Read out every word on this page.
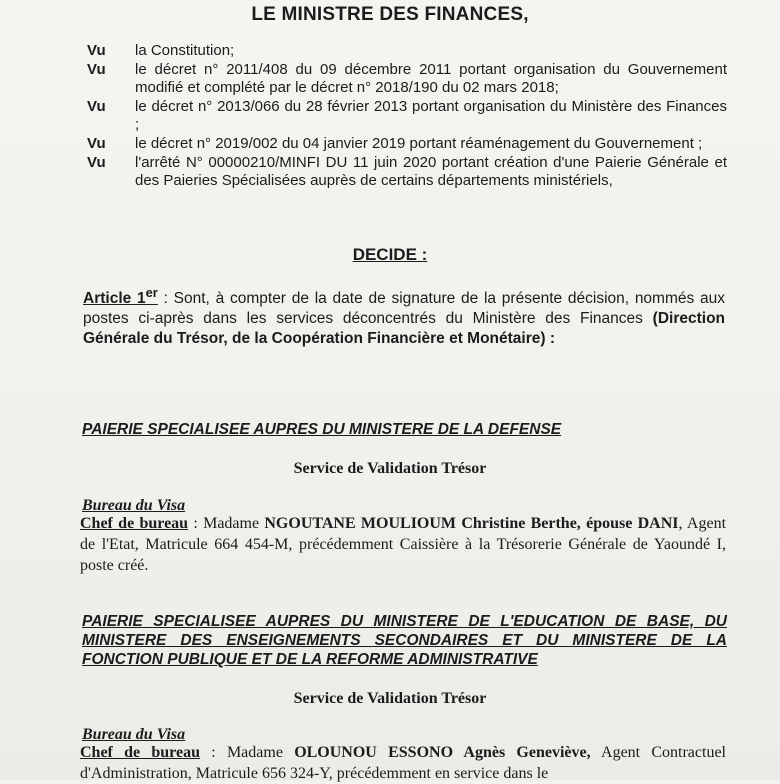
LE MINISTRE DES FINANCES,
Vu	la Constitution;
Vu	le décret n° 2011/408 du 09 décembre 2011 portant organisation du Gouvernement modifié et complété par le décret n° 2018/190 du 02 mars 2018;
Vu	le décret n° 2013/066 du 28 février 2013 portant organisation du Ministère des Finances ;
Vu	le décret n° 2019/002 du 04 janvier 2019 portant réaménagement du Gouvernement ;
Vu	l'arrêté N° 00000210/MINFI DU 11 juin 2020 portant création d'une Paierie Générale et des Paieries Spécialisées auprès de certains départements ministériels,
DECIDE :
Article 1er : Sont, à compter de la date de signature de la présente décision, nommés aux postes ci-après dans les services déconcentrés du Ministère des Finances (Direction Générale du Trésor, de la Coopération Financière et Monétaire) :
PAIERIE SPECIALISEE AUPRES DU MINISTERE DE LA DEFENSE
Service de Validation Trésor
Bureau du Visa
Chef de bureau : Madame NGOUTANE MOULIOUM Christine Berthe, épouse DANI, Agent de l'Etat, Matricule 664 454-M, précédemment Caissière à la Trésorerie Générale de Yaoundé I, poste créé.
PAIERIE SPECIALISEE AUPRES DU MINISTERE DE L'EDUCATION DE BASE, DU MINISTERE DES ENSEIGNEMENTS SECONDAIRES ET DU MINISTERE DE LA FONCTION PUBLIQUE ET DE LA REFORME ADMINISTRATIVE
Service de Validation Trésor
Bureau du Visa
Chef de bureau : Madame OLOUNOU ESSONO Agnès Geneviève, Agent Contractuel d'Administration, Matricule 656 324-Y, précédemment en service dans le
